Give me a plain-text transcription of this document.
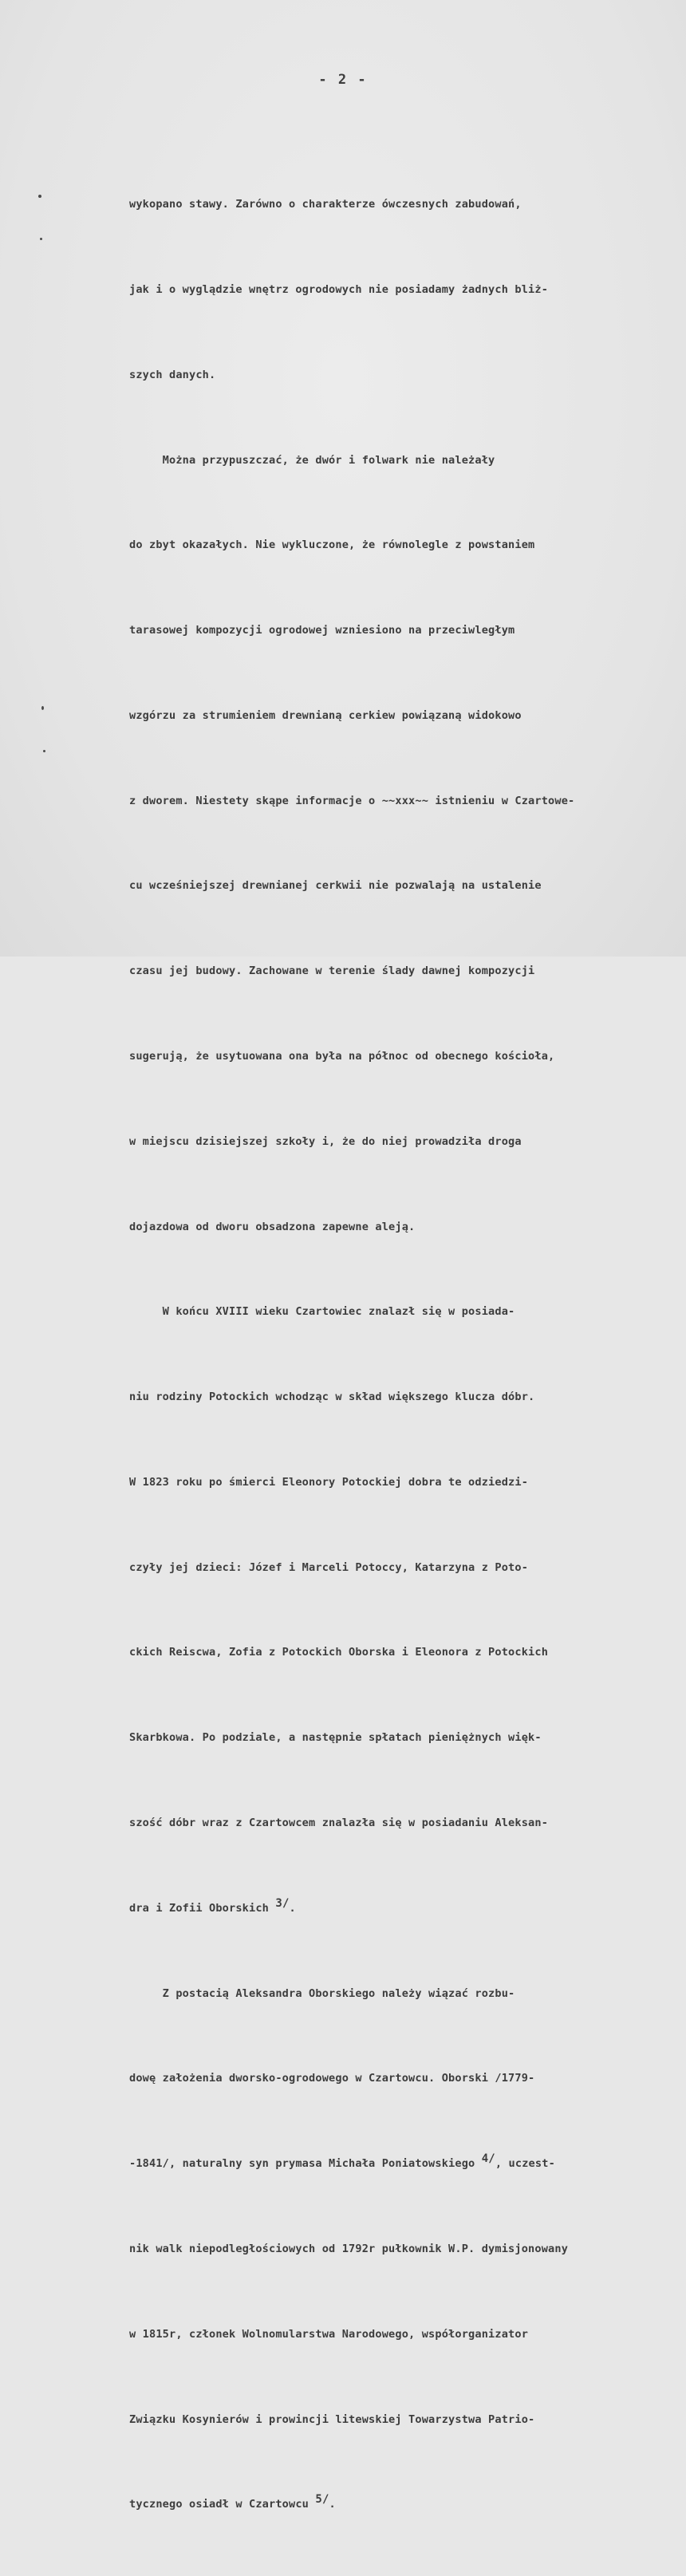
- 2 -

wykopano stawy. Zarówno o charakterze ówczesnych zabudowań,

jak i o wyglądzie wnętrz ogrodowych nie posiadamy żadnych bliż-

szych danych.

Można przypuszczać, że dwór i folwark nie należały

do zbyt okazałych. Nie wykluczone, że równolegle z powstaniem

tarasowej kompozycji ogrodowej wzniesiono na przeciwległym

wzgórzu za strumieniem drewnianą cerkiew powiązaną widokowo

z dworem. Niestety skąpe informacje o ~~xxx~~ istnieniu w Czartowe-

cu wcześniejszej drewnianej cerkwii nie pozwalają na ustalenie

czasu jej budowy. Zachowane w terenie ślady dawnej kompozycji

sugerują, że usytuowana ona była na północ od obecnego kościoła,

w miejscu dzisiejszej szkoły i, że do niej prowadziła droga

dojazdowa od dworu obsadzona zapewne aleją.

W końcu XVIII wieku Czartowiec znalazł się w posiada-

niu rodziny Potockich wchodząc w skład większego klucza dóbr.

W 1823 roku po śmierci Eleonory Potockiej dobra te odziedzi-

czyły jej dzieci: Józef i Marceli Potoccy, Katarzyna z Poto-

ckich Reiscwa, Zofia z Potockich Oborska i Eleonora z Potockich

Skarbkowa. Po podziale, a następnie spłatach pieniężnych więk-

szość dóbr wraz z Czartowcem znalazła się w posiadaniu Aleksan-

dra i Zofii Oborskich 3/.

Z postacią Aleksandra Oborskiego należy wiązać rozbu-

dowę założenia dworsko-ogrodowego w Czartowcu. Oborski /1779-

-1841/, naturalny syn prymasa Michała Poniatowskiego 4/, uczest-

nik walk niepodległościowych od 1792r pułkownik W.P. dymisjonowany

w 1815r, członek Wolnomularstwa Narodowego, współorganizator

Związku Kosynierów i prowincji litewskiej Towarzystwa Patrio-

tycznego osiadł w Czartowcu 5/.
